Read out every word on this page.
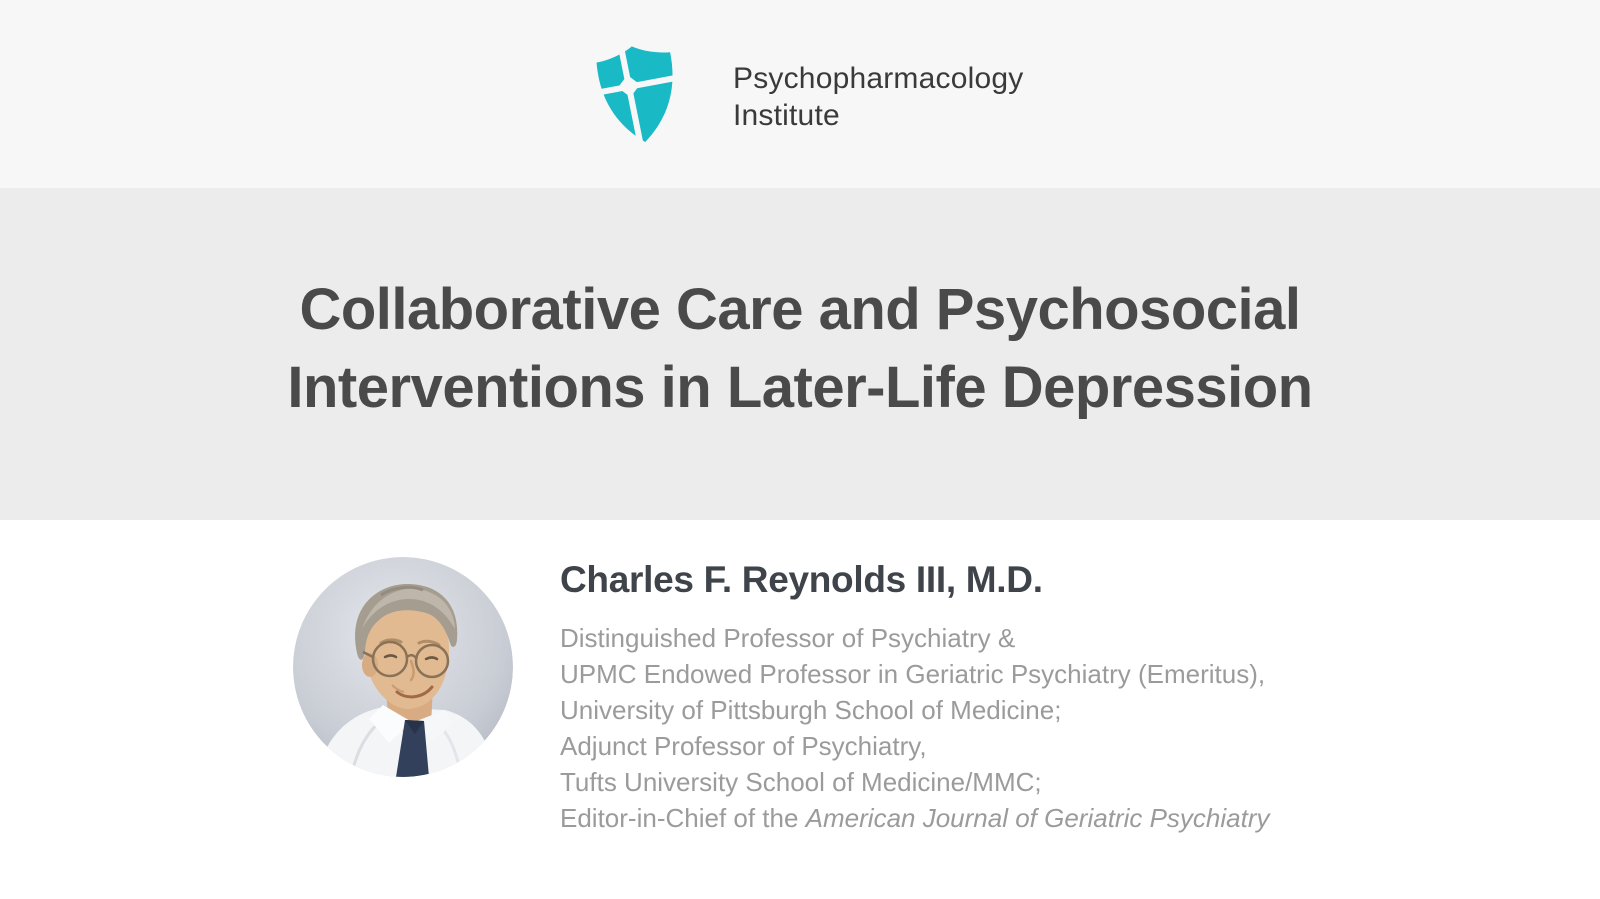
Psychopharmacology
Institute
Collaborative Care and Psychosocial
Interventions in Later-Life Depression
Charles F. Reynolds III, M.D.
Distinguished Professor of Psychiatry &
UPMC Endowed Professor in Geriatric Psychiatry (Emeritus),
University of Pittsburgh School of Medicine;
Adjunct Professor of Psychiatry,
Tufts University School of Medicine/MMC;
Editor-in-Chief of the American Journal of Geriatric Psychiatry
